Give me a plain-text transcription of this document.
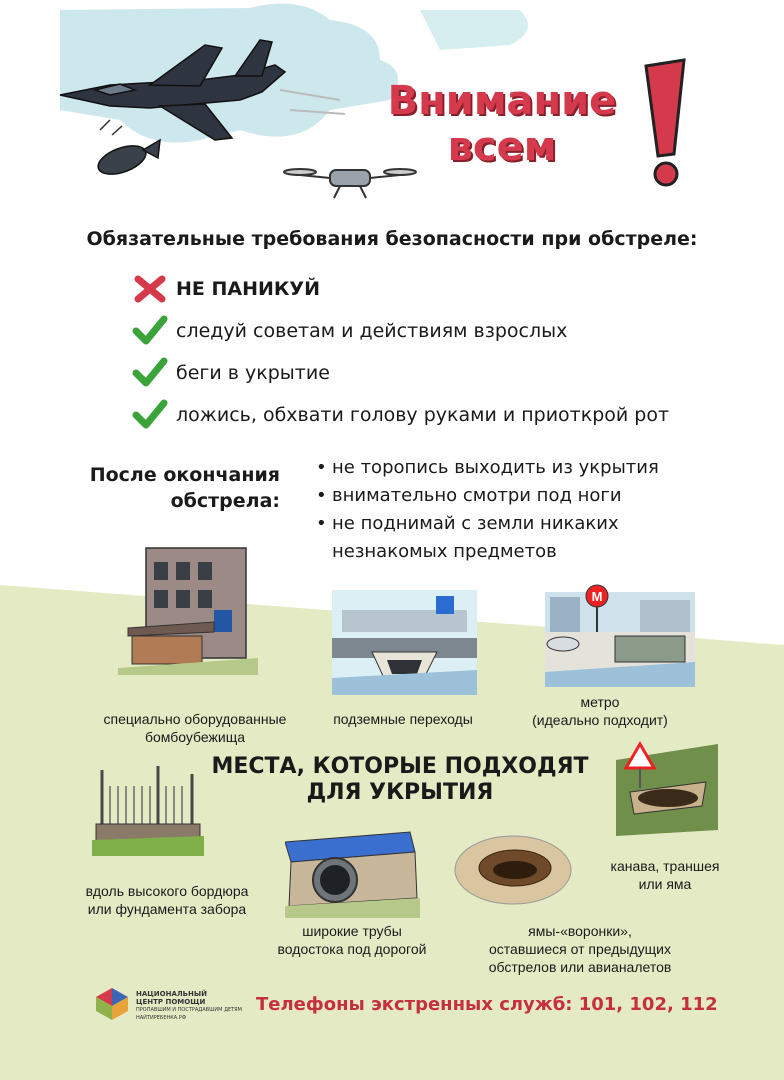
Внимание
всем
Обязательные требования безопасности при обстреле:
НЕ ПАНИКУЙ
следуй советам и действиям взрослых
беги в укрытие
ложись, обхвати голову руками и приоткрой рот
После окончания
обстрела:
• не торопись выходить из укрытия
• внимательно смотри под ноги
• не поднимай с земли никаких
незнакомых предметов
М
специально оборудованные
бомбоубежища
подземные переходы
метро
(идеально подходит)
МЕСТА, КОТОРЫЕ ПОДХОДЯТ
ДЛЯ УКРЫТИЯ
вдоль высокого бордюра
или фундамента забора
широкие трубы
водостока под дорогой
ямы-«воронки»,
оставшиеся от предыдущих
обстрелов или авианалетов
канава, траншея
или яма
НАЦИОНАЛЬНЫЙ
ЦЕНТР ПОМОЩИ
ПРОПАВШИМ И ПОСТРАДАВШИМ ДЕТЯМ
НАЙТИРЕБЕНКА.РФ
Телефоны экстренных служб: 101, 102, 112
